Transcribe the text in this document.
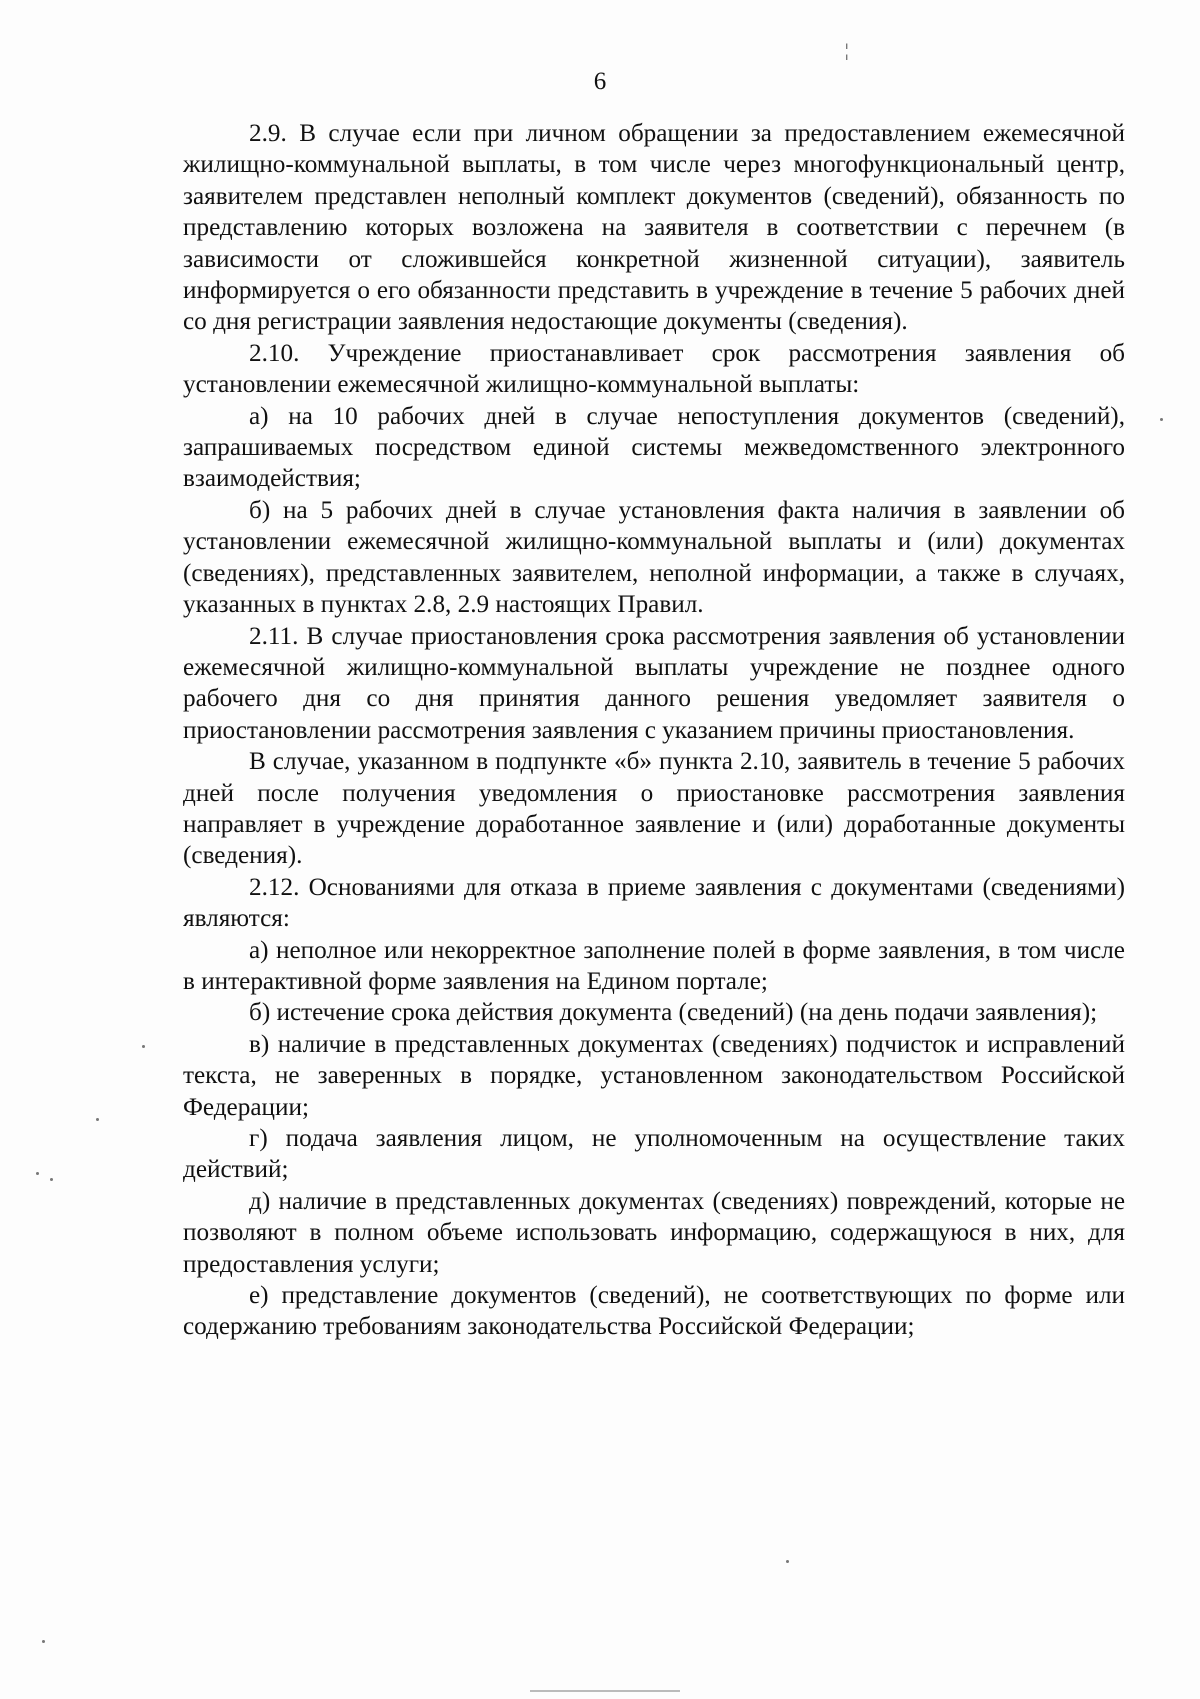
¦
6

2.9. В случае если при личном обращении за предоставлением ежемесячной жилищно-коммунальной выплаты, в том числе через многофункциональный центр, заявителем представлен неполный комплект документов (сведений), обязанность по представлению которых возложена на заявителя в соответствии с перечнем (в зависимости от сложившейся конкретной жизненной ситуации), заявитель информируется о его обязанности представить в учреждение в течение 5 рабочих дней со дня регистрации заявления недостающие документы (сведения).

2.10. Учреждение приостанавливает срок рассмотрения заявления об установлении ежемесячной жилищно-коммунальной выплаты:

а) на 10 рабочих дней в случае непоступления документов (сведений), запрашиваемых посредством единой системы межведомственного электронного взаимодействия;

б) на 5 рабочих дней в случае установления факта наличия в заявлении об установлении ежемесячной жилищно-коммунальной выплаты и (или) документах (сведениях), представленных заявителем, неполной информации, а также в случаях, указанных в пунктах 2.8, 2.9 настоящих Правил.

2.11. В случае приостановления срока рассмотрения заявления об установлении ежемесячной жилищно-коммунальной выплаты учреждение не позднее одного рабочего дня со дня принятия данного решения уведомляет заявителя о приостановлении рассмотрения заявления с указанием причины приостановления.

В случае, указанном в подпункте «б» пункта 2.10, заявитель в течение 5 рабочих дней после получения уведомления о приостановке рассмотрения заявления направляет в учреждение доработанное заявление и (или) доработанные документы (сведения).

2.12. Основаниями для отказа в приеме заявления с документами (сведениями) являются:

а) неполное или некорректное заполнение полей в форме заявления, в том числе в интерактивной форме заявления на Едином портале;

б) истечение срока действия документа (сведений) (на день подачи заявления);

в) наличие в представленных документах (сведениях) подчисток и исправлений текста, не заверенных в порядке, установленном законодательством Российской Федерации;

г) подача заявления лицом, не уполномоченным на осуществление таких действий;

д) наличие в представленных документах (сведениях) повреждений, которые не позволяют в полном объеме использовать информацию, содержащуюся в них, для предоставления услуги;

е) представление документов (сведений), не соответствующих по форме или содержанию требованиям законодательства Российской Федерации;
